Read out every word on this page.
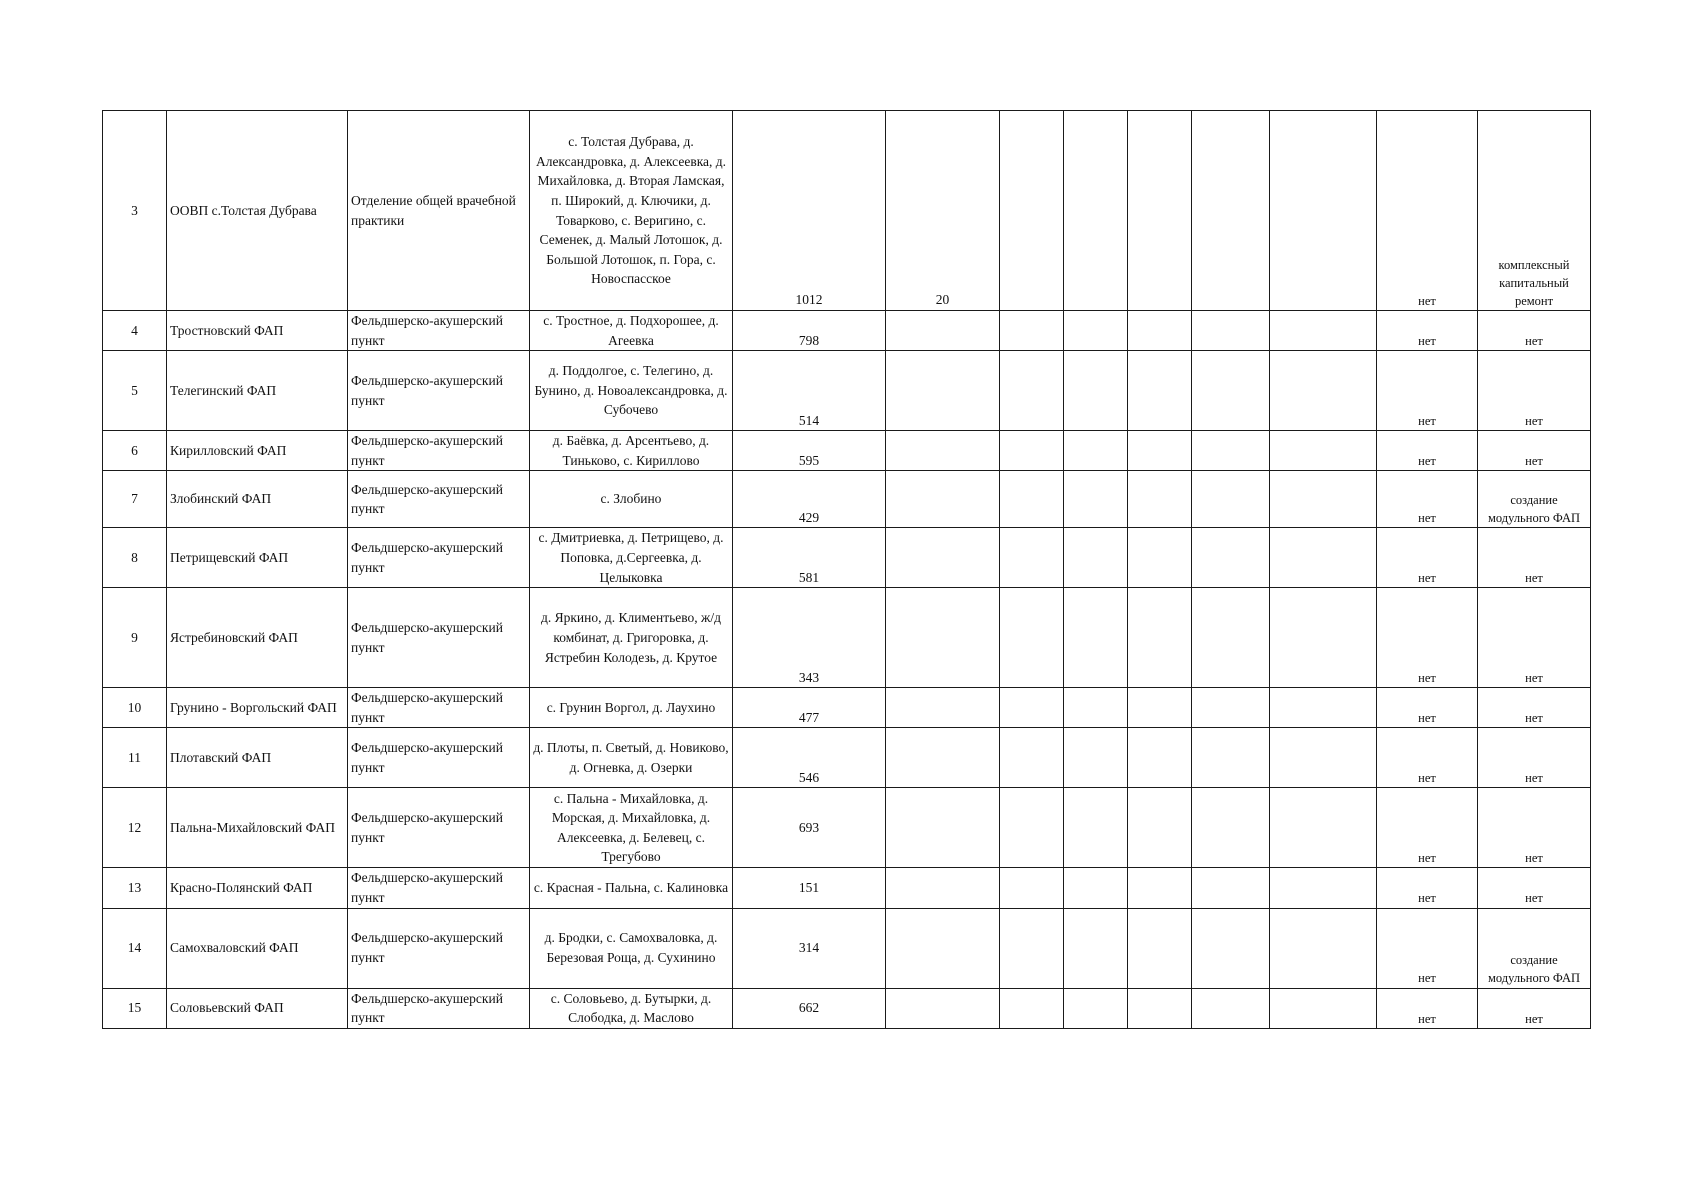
3	ООВП с.Толстая Дубрава	Отделение общей врачебной практики	с. Толстая Дубрава, д. Александровка, д. Алексеевка, д. Михайловка, д. Вторая Ламская, п. Широкий, д. Ключики, д. Товарково, с. Веригино, с. Семенек, д. Малый Лотошок, д. Большой Лотошок, п. Гора, с. Новоспасское	1012	20						нет	комплексный капитальный ремонт
4	Тростновский ФАП	Фельдшерско-акушерский пункт	с. Тростное, д. Подхорошее, д. Агеевка	798							нет	нет
5	Телегинский ФАП	Фельдшерско-акушерский пункт	д. Поддолгое, с. Телегино, д. Бунино, д. Новоалександровка, д. Субочево	514							нет	нет
6	Кирилловский ФАП	Фельдшерско-акушерский пункт	д. Баёвка, д. Арсентьево, д. Тиньково, с. Кириллово	595							нет	нет
7	Злобинский ФАП	Фельдшерско-акушерский пункт	с. Злобино	429							нет	создание модульного ФАП
8	Петрищевский ФАП	Фельдшерско-акушерский пункт	с. Дмитриевка, д. Петрищево, д. Поповка, д.Сергеевка, д. Целыковка	581							нет	нет
9	Ястребиновский ФАП	Фельдшерско-акушерский пункт	д. Яркино, д. Климентьево, ж/д комбинат, д. Григоровка, д. Ястребин Колодезь, д. Крутое	343							нет	нет
10	Грунино - Воргольский ФАП	Фельдшерско-акушерский пункт	с. Грунин Воргол, д. Лаухино	477							нет	нет
11	Плотавский ФАП	Фельдшерско-акушерский пункт	д. Плоты, п. Светый, д. Новиково, д. Огневка, д. Озерки	546							нет	нет
12	Пальна-Михайловский ФАП	Фельдшерско-акушерский пункт	с. Пальна - Михайловка, д. Морская, д. Михайловка, д. Алексеевка, д. Белевец, с. Трегубово	693							нет	нет
13	Красно-Полянский ФАП	Фельдшерско-акушерский пункт	с. Красная - Пальна, с. Калиновка	151							нет	нет
14	Самохваловский ФАП	Фельдшерско-акушерский пункт	д. Бродки, с. Самохваловка, д. Березовая Роща, д. Сухинино	314							нет	создание модульного ФАП
15	Соловьевский ФАП	Фельдшерско-акушерский пункт	с. Соловьево, д. Бутырки, д. Слободка, д. Маслово	662							нет	нет
